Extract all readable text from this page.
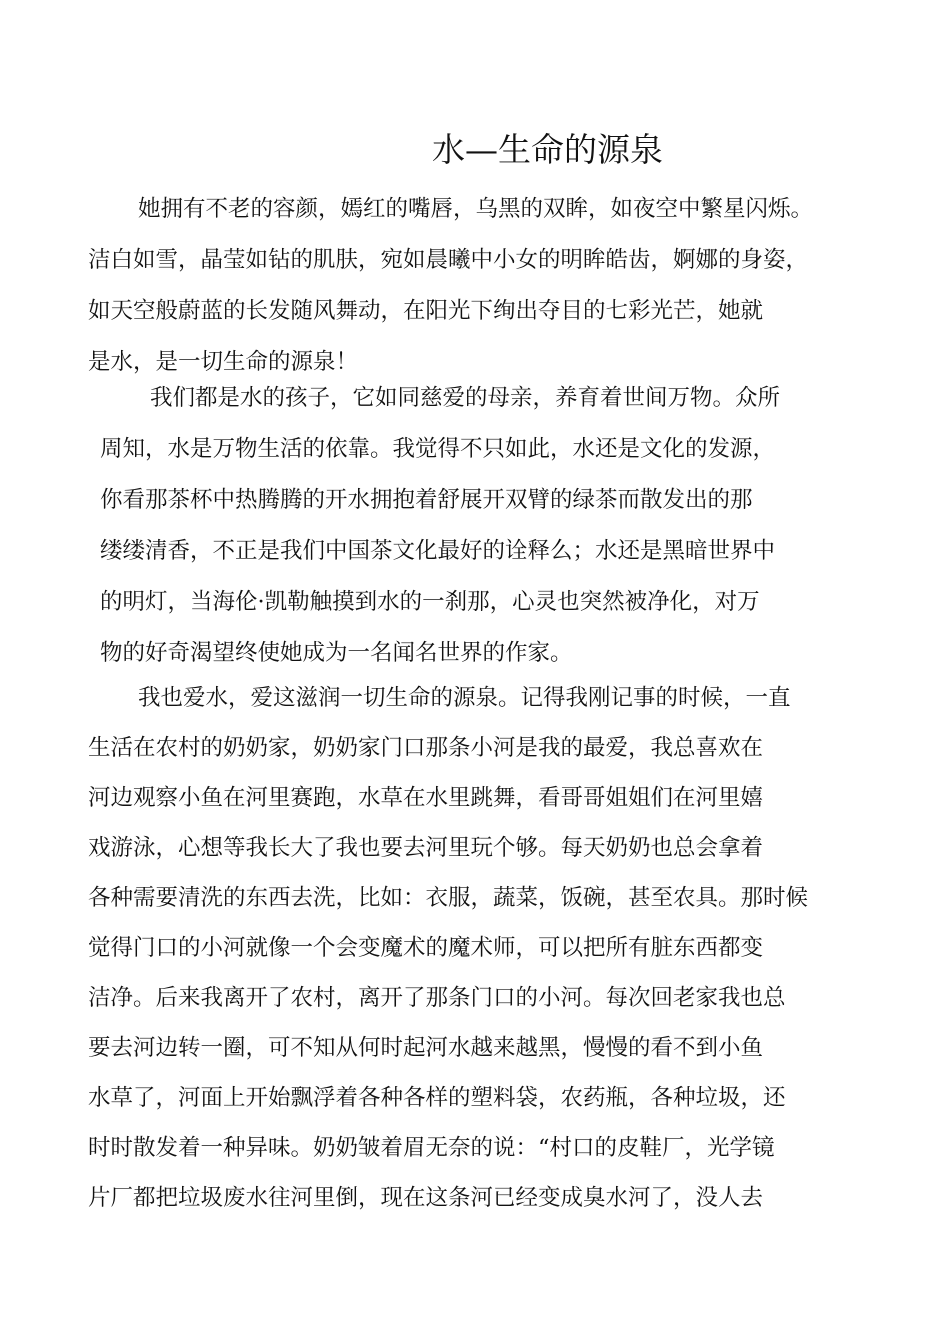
水—生命的源泉
她拥有不老的容颜，嫣红的嘴唇，乌黑的双眸，如夜空中繁星闪烁。
洁白如雪，晶莹如钻的肌肤，宛如晨曦中小女的明眸皓齿，婀娜的身姿，
如天空般蔚蓝的长发随风舞动，在阳光下绚出夺目的七彩光芒，她就
是水，是一切生命的源泉！
我们都是水的孩子，它如同慈爱的母亲，养育着世间万物。众所
周知，水是万物生活的依靠。我觉得不只如此，水还是文化的发源，
你看那茶杯中热腾腾的开水拥抱着舒展开双臂的绿茶而散发出的那
缕缕清香，不正是我们中国茶文化最好的诠释么；水还是黑暗世界中
的明灯，当海伦·凯勒触摸到水的一刹那，心灵也突然被净化，对万
物的好奇渴望终使她成为一名闻名世界的作家。
我也爱水，爱这滋润一切生命的源泉。记得我刚记事的时候，一直
生活在农村的奶奶家，奶奶家门口那条小河是我的最爱，我总喜欢在
河边观察小鱼在河里赛跑，水草在水里跳舞，看哥哥姐姐们在河里嬉
戏游泳，心想等我长大了我也要去河里玩个够。每天奶奶也总会拿着
各种需要清洗的东西去洗，比如：衣服，蔬菜，饭碗，甚至农具。那时候
觉得门口的小河就像一个会变魔术的魔术师，可以把所有脏东西都变
洁净。后来我离开了农村，离开了那条门口的小河。每次回老家我也总
要去河边转一圈，可不知从何时起河水越来越黑，慢慢的看不到小鱼
水草了，河面上开始飘浮着各种各样的塑料袋，农药瓶，各种垃圾，还
时时散发着一种异味。奶奶皱着眉无奈的说：“村口的皮鞋厂，光学镜
片厂都把垃圾废水往河里倒，现在这条河已经变成臭水河了，没人去
